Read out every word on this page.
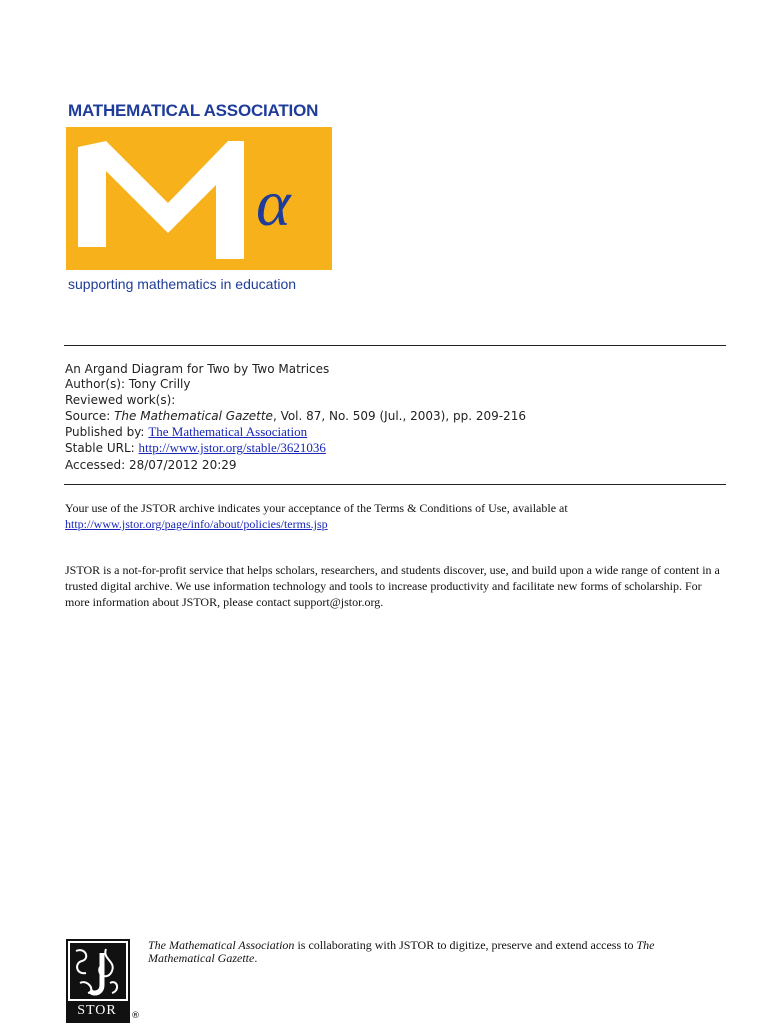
MATHEMATICAL ASSOCIATION
α
supporting mathematics in education
An Argand Diagram for Two by Two Matrices
Author(s): Tony Crilly
Reviewed work(s):
Source: The Mathematical Gazette, Vol. 87, No. 509 (Jul., 2003), pp. 209-216
Published by: The Mathematical Association
Stable URL: http://www.jstor.org/stable/3621036
Accessed: 28/07/2012 20:29
Your use of the JSTOR archive indicates your acceptance of the Terms & Conditions of Use, available at
http://www.jstor.org/page/info/about/policies/terms.jsp
JSTOR is a not-for-profit service that helps scholars, researchers, and students discover, use, and build upon a wide range of content in a trusted digital archive. We use information technology and tools to increase productivity and facilitate new forms of scholarship. For more information about JSTOR, please contact support@jstor.org.
STOR	®
The Mathematical Association is collaborating with JSTOR to digitize, preserve and extend access to The Mathematical Gazette.
